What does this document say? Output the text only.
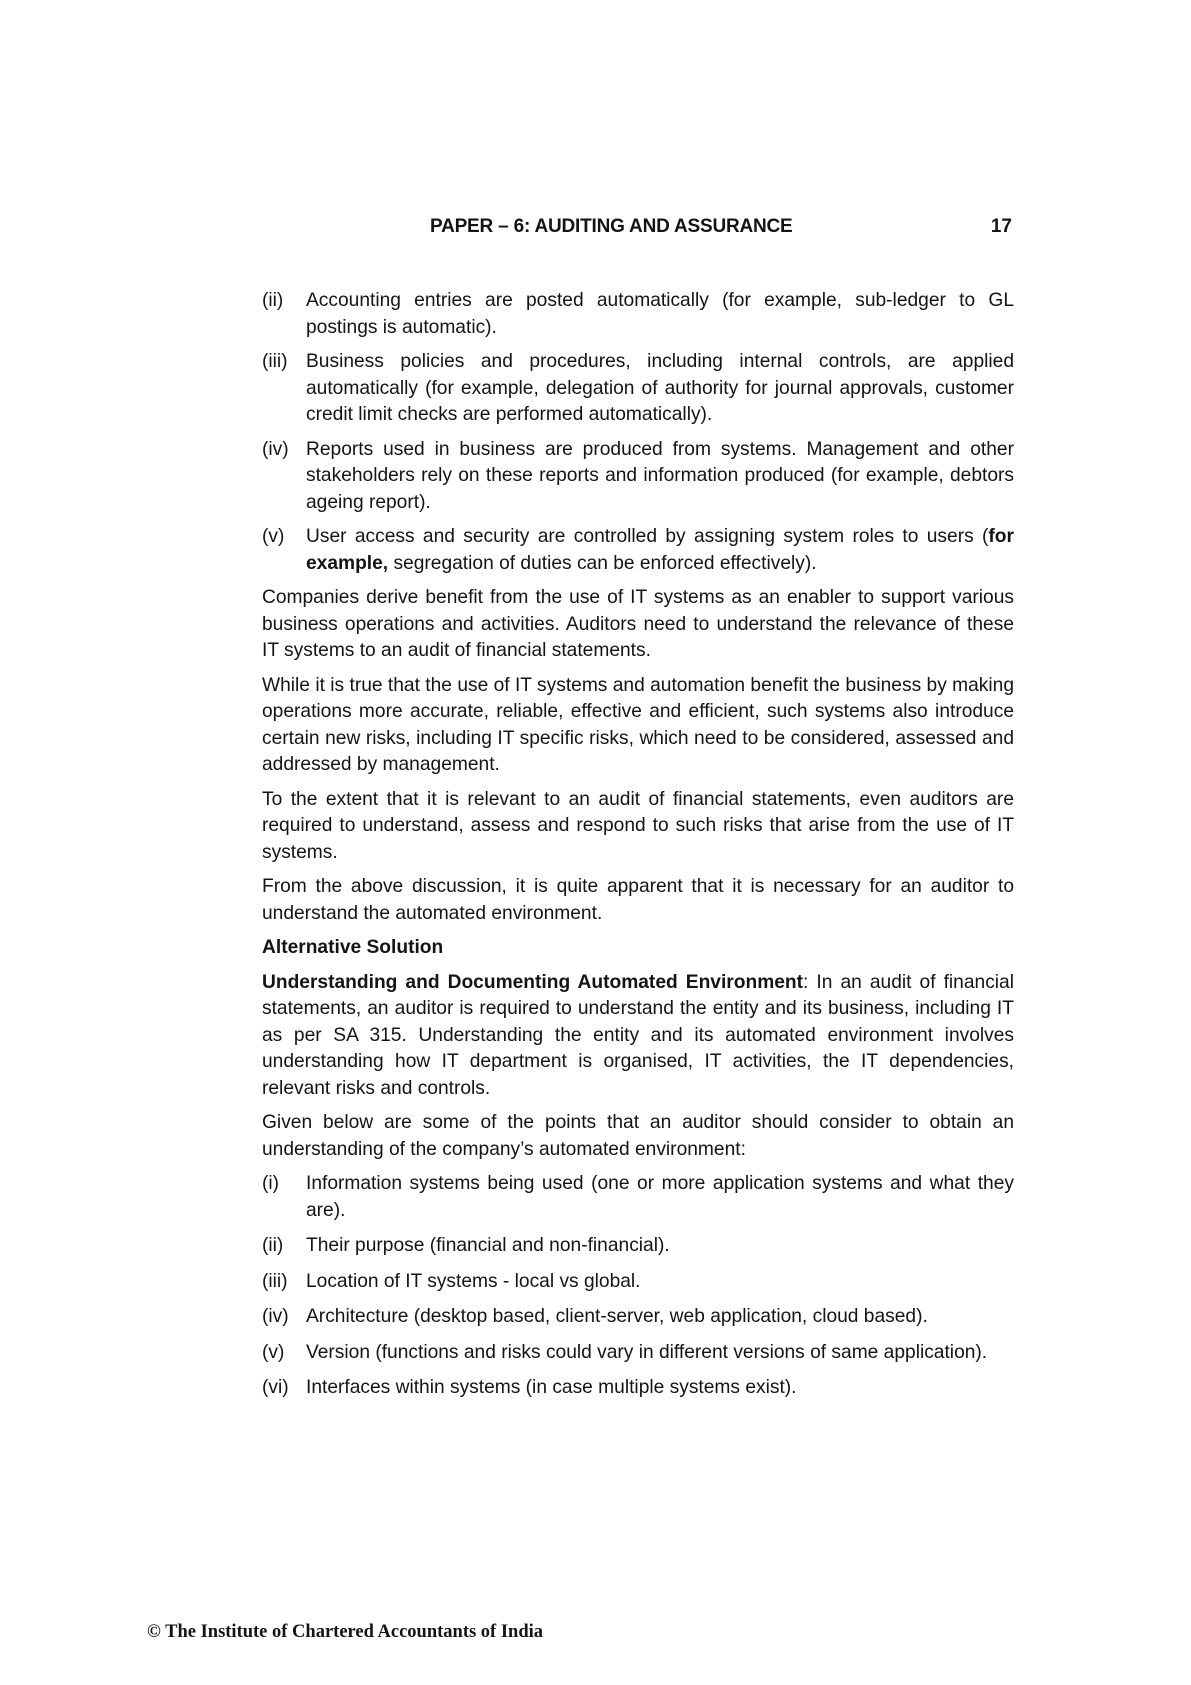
PAPER – 6: AUDITING AND ASSURANCE	17
(ii)	Accounting entries are posted automatically (for example, sub-ledger to GL postings is automatic).
(iii) Business policies and procedures, including internal controls, are applied automatically (for example, delegation of authority for journal approvals, customer credit limit checks are performed automatically).
(iv) Reports used in business are produced from systems. Management and other stakeholders rely on these reports and information produced (for example, debtors ageing report).
(v)	User access and security are controlled by assigning system roles to users (for example, segregation of duties can be enforced effectively).

Companies derive benefit from the use of IT systems as an enabler to support various business operations and activities. Auditors need to understand the relevance of these IT systems to an audit of financial statements.

While it is true that the use of IT systems and automation benefit the business by making operations more accurate, reliable, effective and efficient, such systems also introduce certain new risks, including IT specific risks, which need to be considered, assessed and addressed by management.

To the extent that it is relevant to an audit of financial statements, even auditors are required to understand, assess and respond to such risks that arise from the use of IT systems.

From the above discussion, it is quite apparent that it is necessary for an auditor to understand the automated environment.

Alternative Solution

Understanding and Documenting Automated Environment: In an audit of financial statements, an auditor is required to understand the entity and its business, including IT as per SA 315. Understanding the entity and its automated environment involves understanding how IT department is organised, IT activities, the IT dependencies, relevant risks and controls.

Given below are some of the points that an auditor should consider to obtain an understanding of the company’s automated environment:

(i)	Information systems being used (one or more application systems and what they are).
(ii)	Their purpose (financial and non-financial).
(iii) Location of IT systems - local vs global.
(iv) Architecture (desktop based, client-server, web application, cloud based).
(v)	Version (functions and risks could vary in different versions of same application).
(vi) Interfaces within systems (in case multiple systems exist).
© The Institute of Chartered Accountants of India
